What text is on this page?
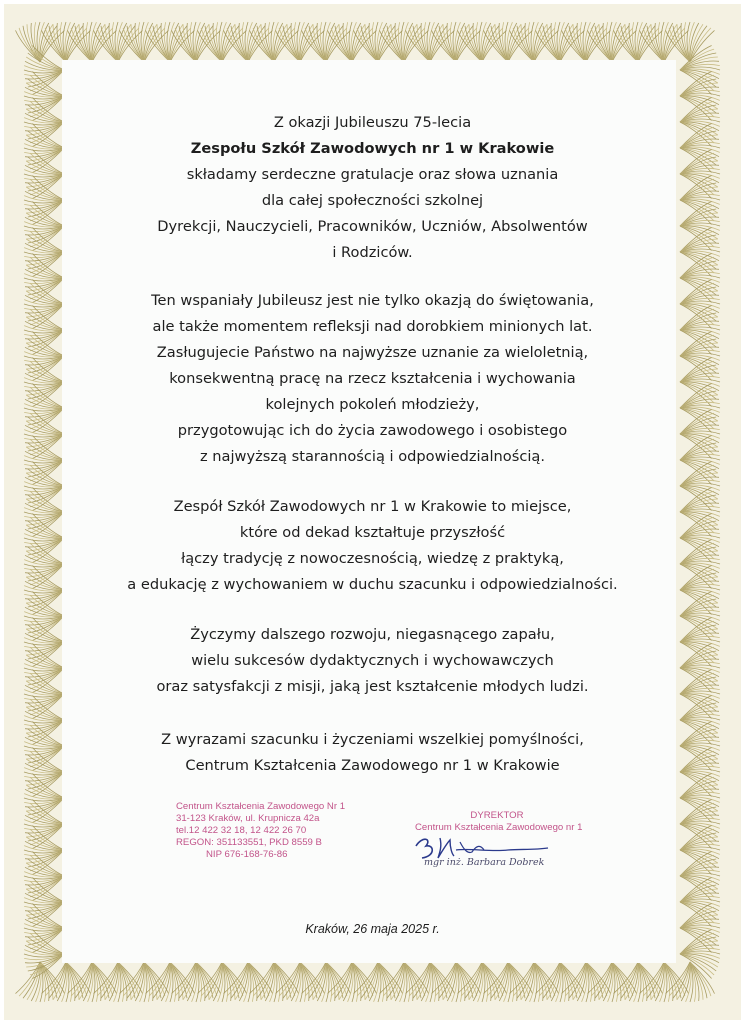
Z okazji Jubileuszu 75-lecia
Zespołu Szkół Zawodowych nr 1 w Krakowie
składamy serdeczne gratulacje oraz słowa uznania
dla całej społeczności szkolnej
Dyrekcji, Nauczycieli, Pracowników, Uczniów, Absolwentów
i Rodziców.
Ten wspaniały Jubileusz jest nie tylko okazją do świętowania,
ale także momentem refleksji nad dorobkiem minionych lat.
Zasługujecie Państwo na najwyższe uznanie za wieloletnią,
konsekwentną pracę na rzecz kształcenia i wychowania
kolejnych pokoleń młodzieży,
przygotowując ich do życia zawodowego i osobistego
z najwyższą starannością i odpowiedzialnością.
Zespół Szkół Zawodowych nr 1 w Krakowie to miejsce,
które od dekad kształtuje przyszłość
łączy tradycję z nowoczesnością, wiedzę z praktyką,
a edukację z wychowaniem w duchu szacunku i odpowiedzialności.
Życzymy dalszego rozwoju, niegasnącego zapału,
wielu sukcesów dydaktycznych i wychowawczych
oraz satysfakcji z misji, jaką jest kształcenie młodych ludzi.
Z wyrazami szacunku i życzeniami wszelkiej pomyślności,
Centrum Kształcenia Zawodowego nr 1 w Krakowie
Centrum Kształcenia Zawodowego Nr 1
31-123 Kraków, ul. Krupnicza 42a
tel.12 422 32 18, 12 422 26 70
REGON: 351133551, PKD 8559 B
NIP 676-168-76-86
DYREKTOR
Centrum Kształcenia Zawodowego nr 1
mgr inż. Barbara Dobrek
Kraków, 26 maja 2025 r.
